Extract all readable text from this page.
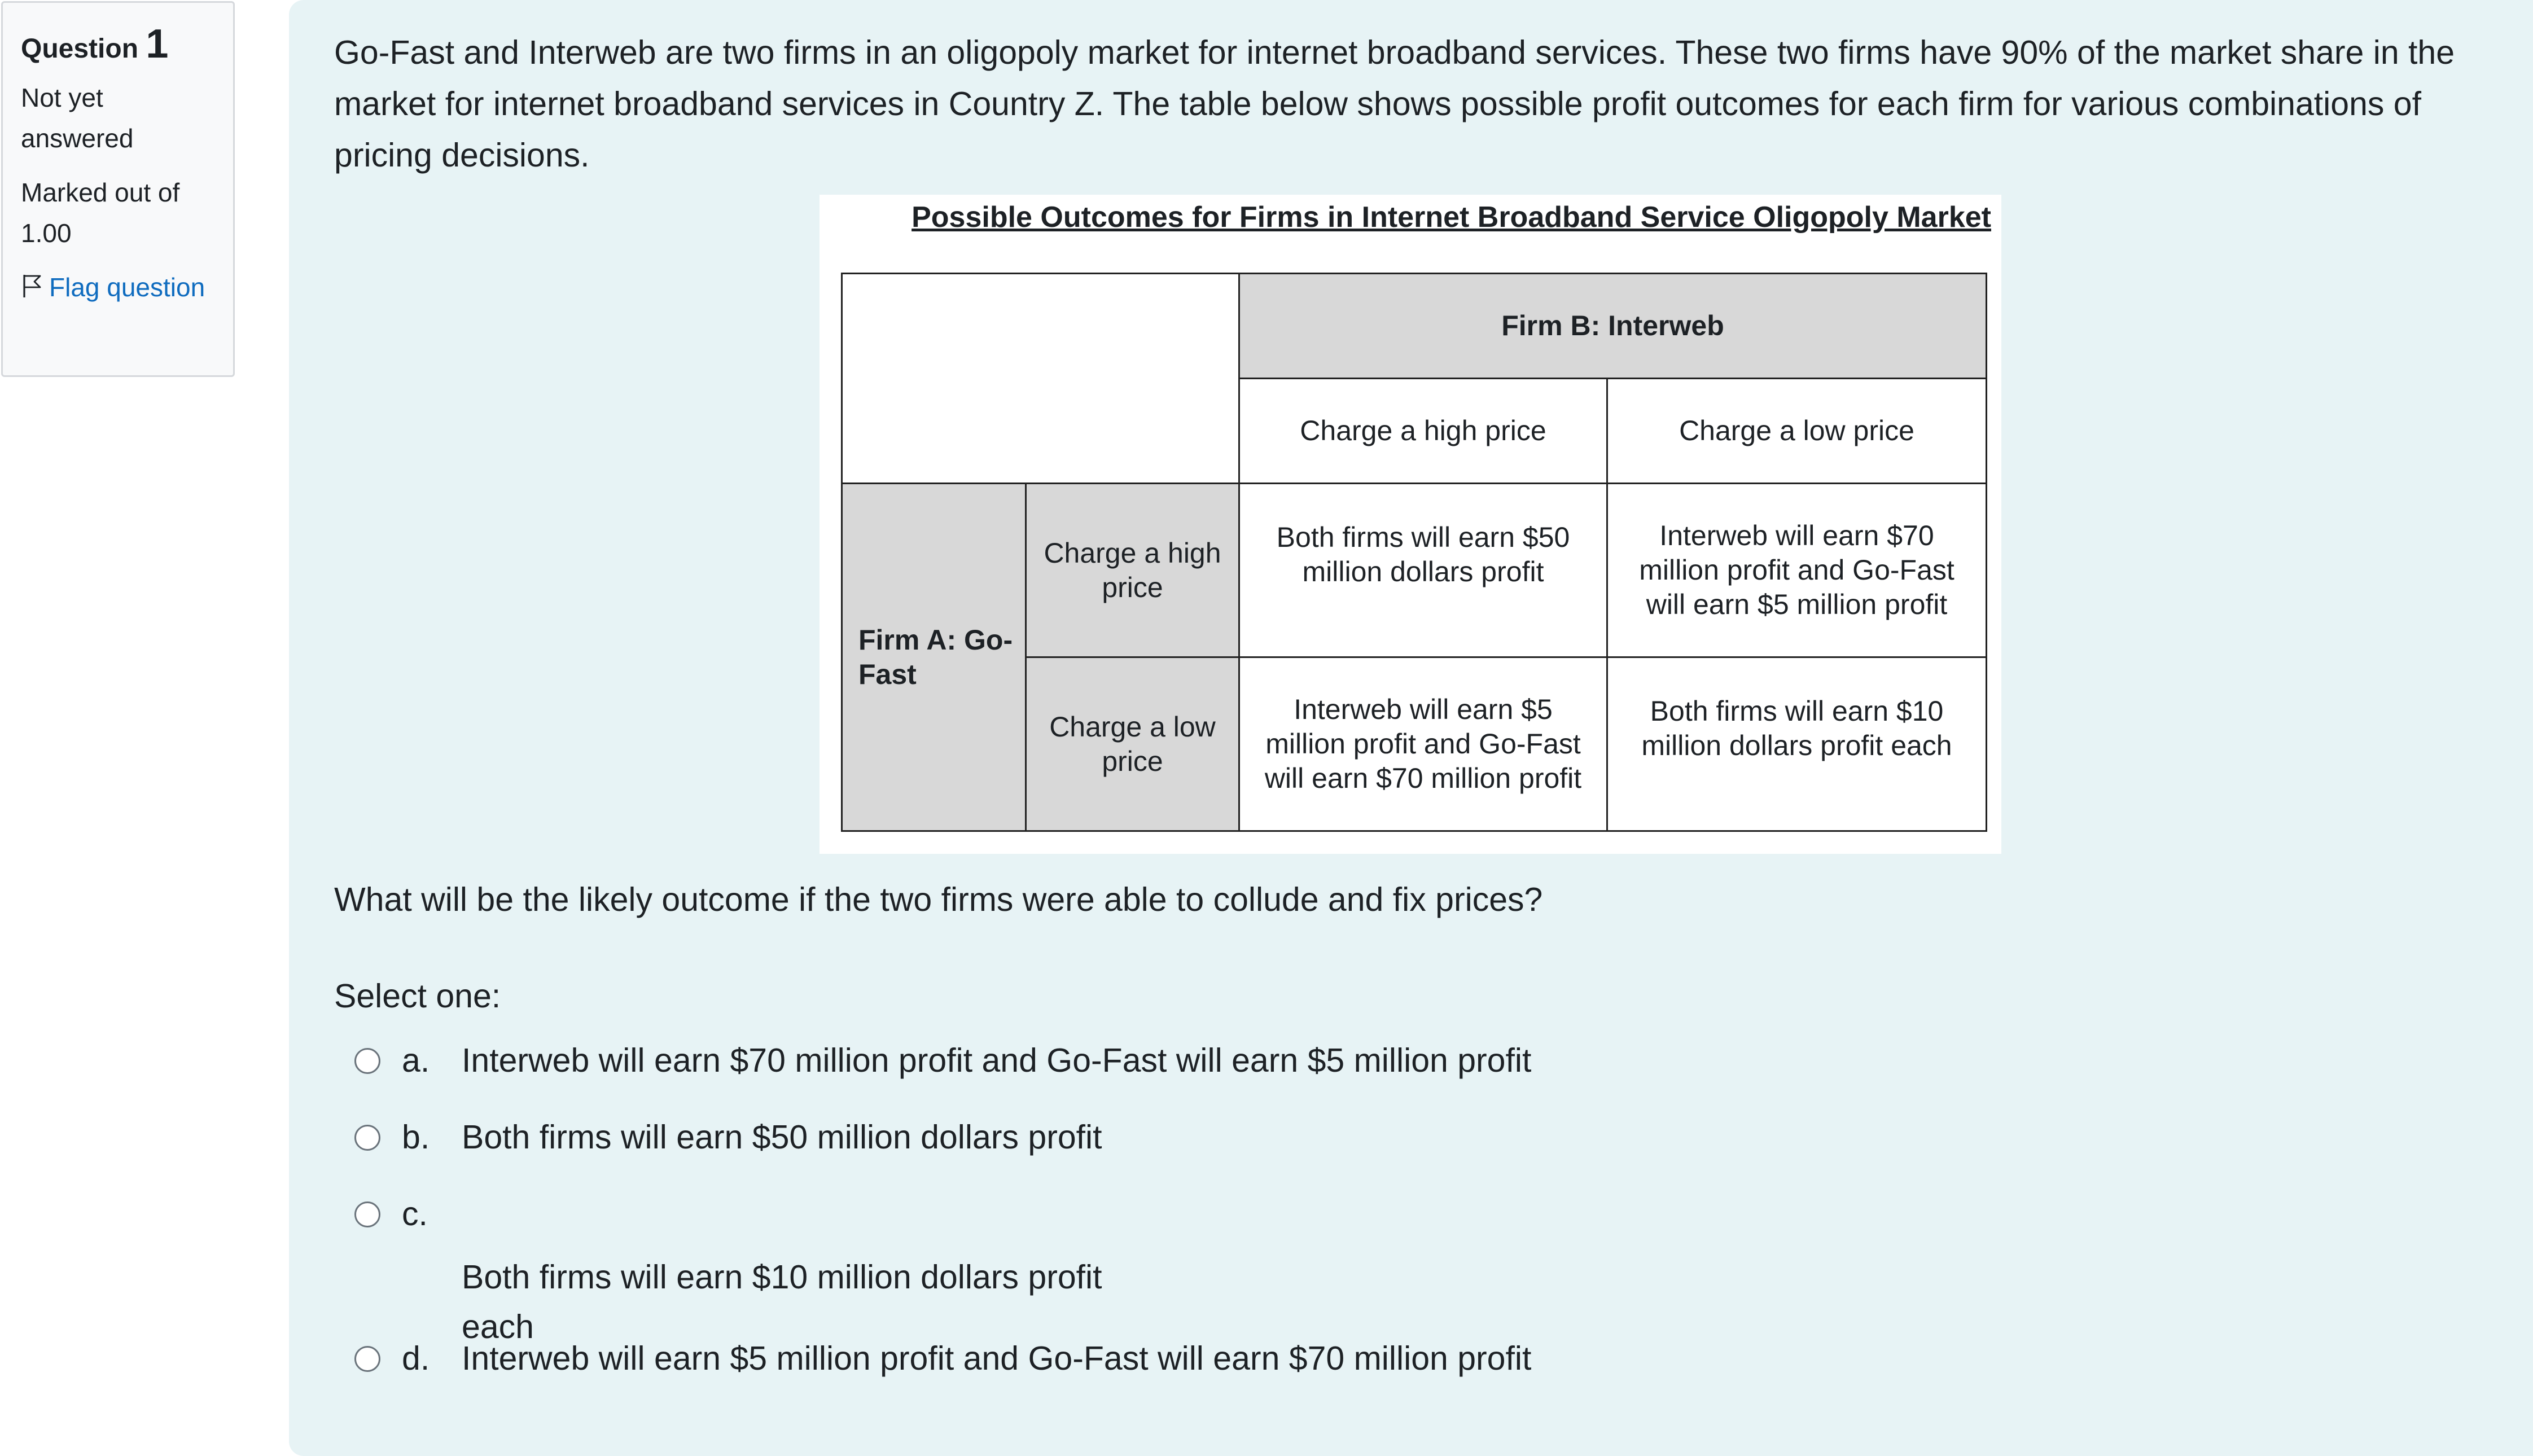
Question 1
Not yet answered
Marked out of 1.00
Flag question

Go-Fast and Interweb are two firms in an oligopoly market for internet broadband services. These two firms have 90% of the market share in the market for internet broadband services in Country Z. The table below shows possible profit outcomes for each firm for various combinations of pricing decisions.

Possible Outcomes for Firms in Internet Broadband Service Oligopoly Market
		Firm B: Interweb	
		Charge a high price	Charge a low price
Firm A: Go-Fast	Charge a high price	Both firms will earn $50 million dollars profit	Interweb will earn $70 million profit and Go-Fast will earn $5 million profit
	Charge a low price	Interweb will earn $5 million profit and Go-Fast will earn $70 million profit	Both firms will earn $10 million dollars profit each
What will be the likely outcome if the two firms were able to collude and fix prices?
Select one:
a. Interweb will earn $70 million profit and Go-Fast will earn $5 million profit
b. Both firms will earn $50 million dollars profit
c.
Both firms will earn $10 million dollars profit each
d. Interweb will earn $5 million profit and Go-Fast will earn $70 million profit
